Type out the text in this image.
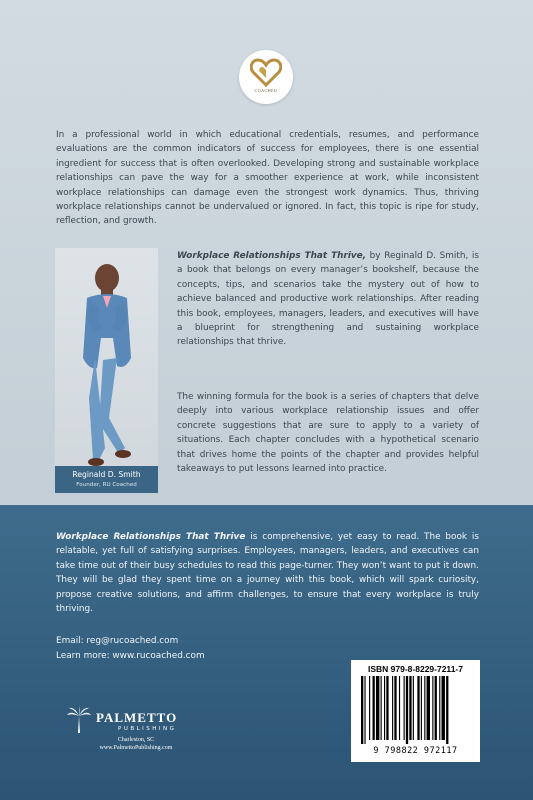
COACHED

In a professional world in which educational credentials, resumes, and performance evaluations are the common indicators of success for employees, there is one essential ingredient for success that is often overlooked. Developing strong and sustainable workplace relationships can pave the way for a smoother experience at work, while inconsistent workplace relationships can damage even the strongest work dynamics. Thus, thriving workplace relationships cannot be undervalued or ignored. In fact, this topic is ripe for study, reflection, and growth.

Reginald D. Smith
Founder, RU Coached

Workplace Relationships That Thrive, by Reginald D. Smith, is a book that belongs on every manager’s bookshelf, because the concepts, tips, and scenarios take the mystery out of how to achieve balanced and productive work relationships. After reading this book, employees, managers, leaders, and executives will have a blueprint for strengthening and sustaining workplace relationships that thrive.

The winning formula for the book is a series of chapters that delve deeply into various workplace relationship issues and offer concrete suggestions that are sure to apply to a variety of situations. Each chapter concludes with a hypothetical scenario that drives home the points of the chapter and provides helpful takeaways to put lessons learned into practice.

Workplace Relationships That Thrive is comprehensive, yet easy to read. The book is relatable, yet full of satisfying surprises. Employees, managers, leaders, and executives can take time out of their busy schedules to read this page-turner. They won’t want to put it down. They will be glad they spent time on a journey with this book, which will spark curiosity, propose creative solutions, and affirm challenges, to ensure that every workplace is truly thriving.

Email: reg@rucoached.com
Learn more: www.rucoached.com
PALMETTO
PUBLISHING
Charleston, SC
www.PalmettoPublishing.com
ISBN 979-8-8229-7211-7
9 798822 972117
